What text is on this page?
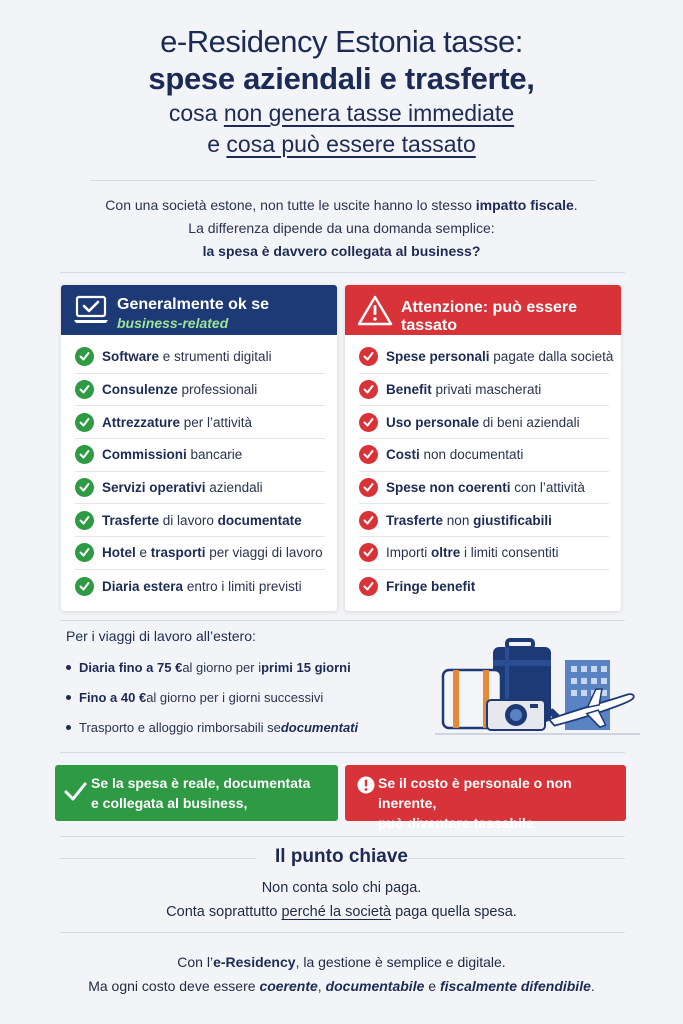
e-Residency Estonia tasse:
spese aziendali e trasferte,
cosa non genera tasse immediate
e cosa può essere tassato
Con una società estone, non tutte le uscite hanno lo stesso impatto fiscale.
La differenza dipende da una domanda semplice:
la spesa è davvero collegata al business?
Generalmente ok se
business-related
Software e strumenti digitali
Consulenze professionali
Attrezzature per l’attività
Commissioni bancarie
Servizi operativi aziendali
Trasferte di lavoro documentate
Hotel e trasporti per viaggi di lavoro
Diaria estera entro i limiti previsti
Attenzione: può essere tassato
Spese personali pagate dalla società
Benefit privati mascherati
Uso personale di beni aziendali
Costi non documentati
Spese non coerenti con l’attività
Trasferte non giustificabili
Importi oltre i limiti consentiti
Fringe benefit
Per i viaggi di lavoro all’estero:
Diaria fino a 75 € al giorno per i primi 15 giorni
Fino a 40 € al giorno per i giorni successivi
Trasporto e alloggio rimborsabili se documentati
Se la spesa è reale, documentata
e collegata al business,
Se il costo è personale o non inerente,
può diventare tassabile.
Il punto chiave
Non conta solo chi paga.
Conta soprattutto perché la società paga quella spesa.
Con l’e-Residency, la gestione è semplice e digitale.
Ma ogni costo deve essere coerente, documentabile e fiscalmente difendibile.
